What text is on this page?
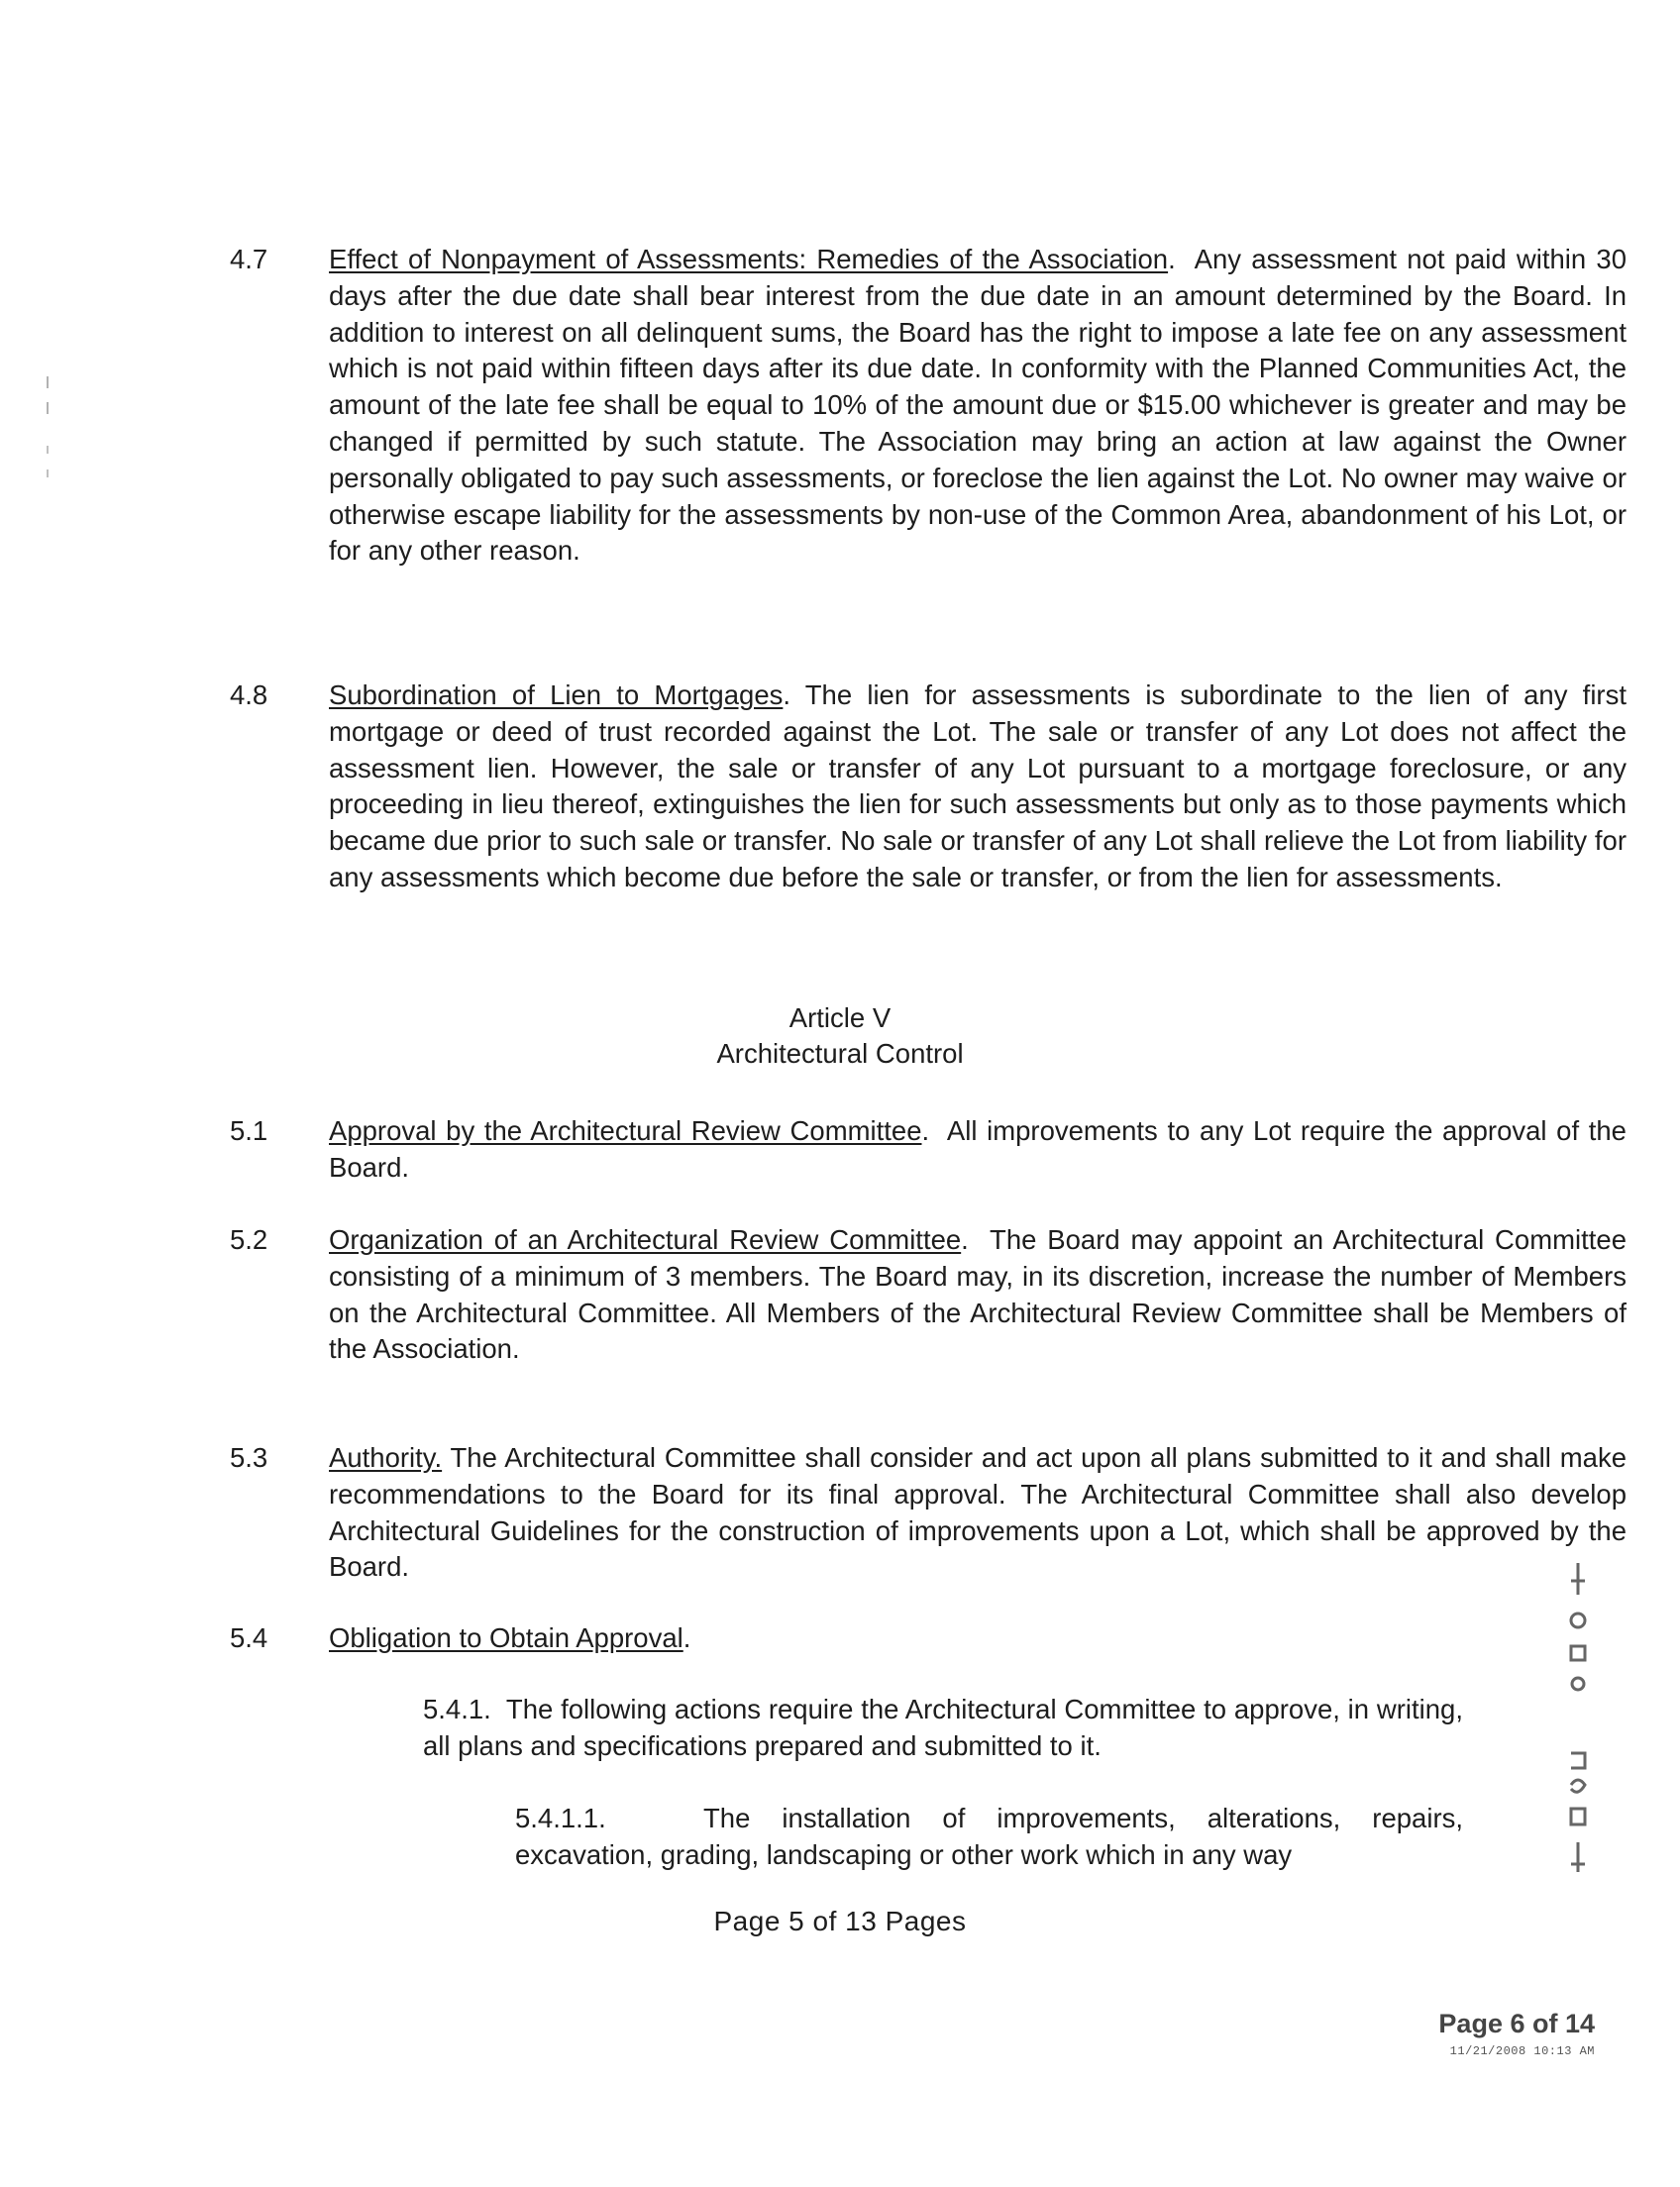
4.7	Effect of Nonpayment of Assessments: Remedies of the Association.  Any assessment not paid within 30 days after the due date shall bear interest from the due date in an amount determined by the Board. In addition to interest on all delinquent sums, the Board has the right to impose a late fee on any assessment which is not paid within fifteen days after its due date. In conformity with the Planned Communities Act, the amount of the late fee shall be equal to 10% of the amount due or $15.00 whichever is greater and may be changed if permitted by such statute. The Association may bring an action at law against the Owner personally obligated to pay such assessments, or foreclose the lien against the Lot. No owner may waive or otherwise escape liability for the assessments by non-use of the Common Area, abandonment of his Lot, or for any other reason.
4.8	Subordination of Lien to Mortgages. The lien for assessments is subordinate to the lien of any first mortgage or deed of trust recorded against the Lot. The sale or transfer of any Lot does not affect the assessment lien. However, the sale or transfer of any Lot pursuant to a mortgage foreclosure, or any proceeding in lieu thereof, extinguishes the lien for such assessments but only as to those payments which became due prior to such sale or transfer. No sale or transfer of any Lot shall relieve the Lot from liability for any assessments which become due before the sale or transfer, or from the lien for assessments.
Article V
Architectural Control
5.1	Approval by the Architectural Review Committee.  All improvements to any Lot require the approval of the Board.
5.2	Organization of an Architectural Review Committee.  The Board may appoint an Architectural Committee consisting of a minimum of 3 members. The Board may, in its discretion, increase the number of Members on the Architectural Committee. All Members of the Architectural Review Committee shall be Members of the Association.
5.3	Authority. The Architectural Committee shall consider and act upon all plans submitted to it and shall make recommendations to the Board for its final approval. The Architectural Committee shall also develop Architectural Guidelines for the construction of improvements upon a Lot, which shall be approved by the Board.
5.4	Obligation to Obtain Approval.
5.4.1. The following actions require the Architectural Committee to approve, in writing, all plans and specifications prepared and submitted to it.
5.4.1.1.	The installation of improvements, alterations, repairs, excavation, grading, landscaping or other work which in any way
Page 5 of 13 Pages
Page 6 of 14
11/21/2008 10:13 AM
